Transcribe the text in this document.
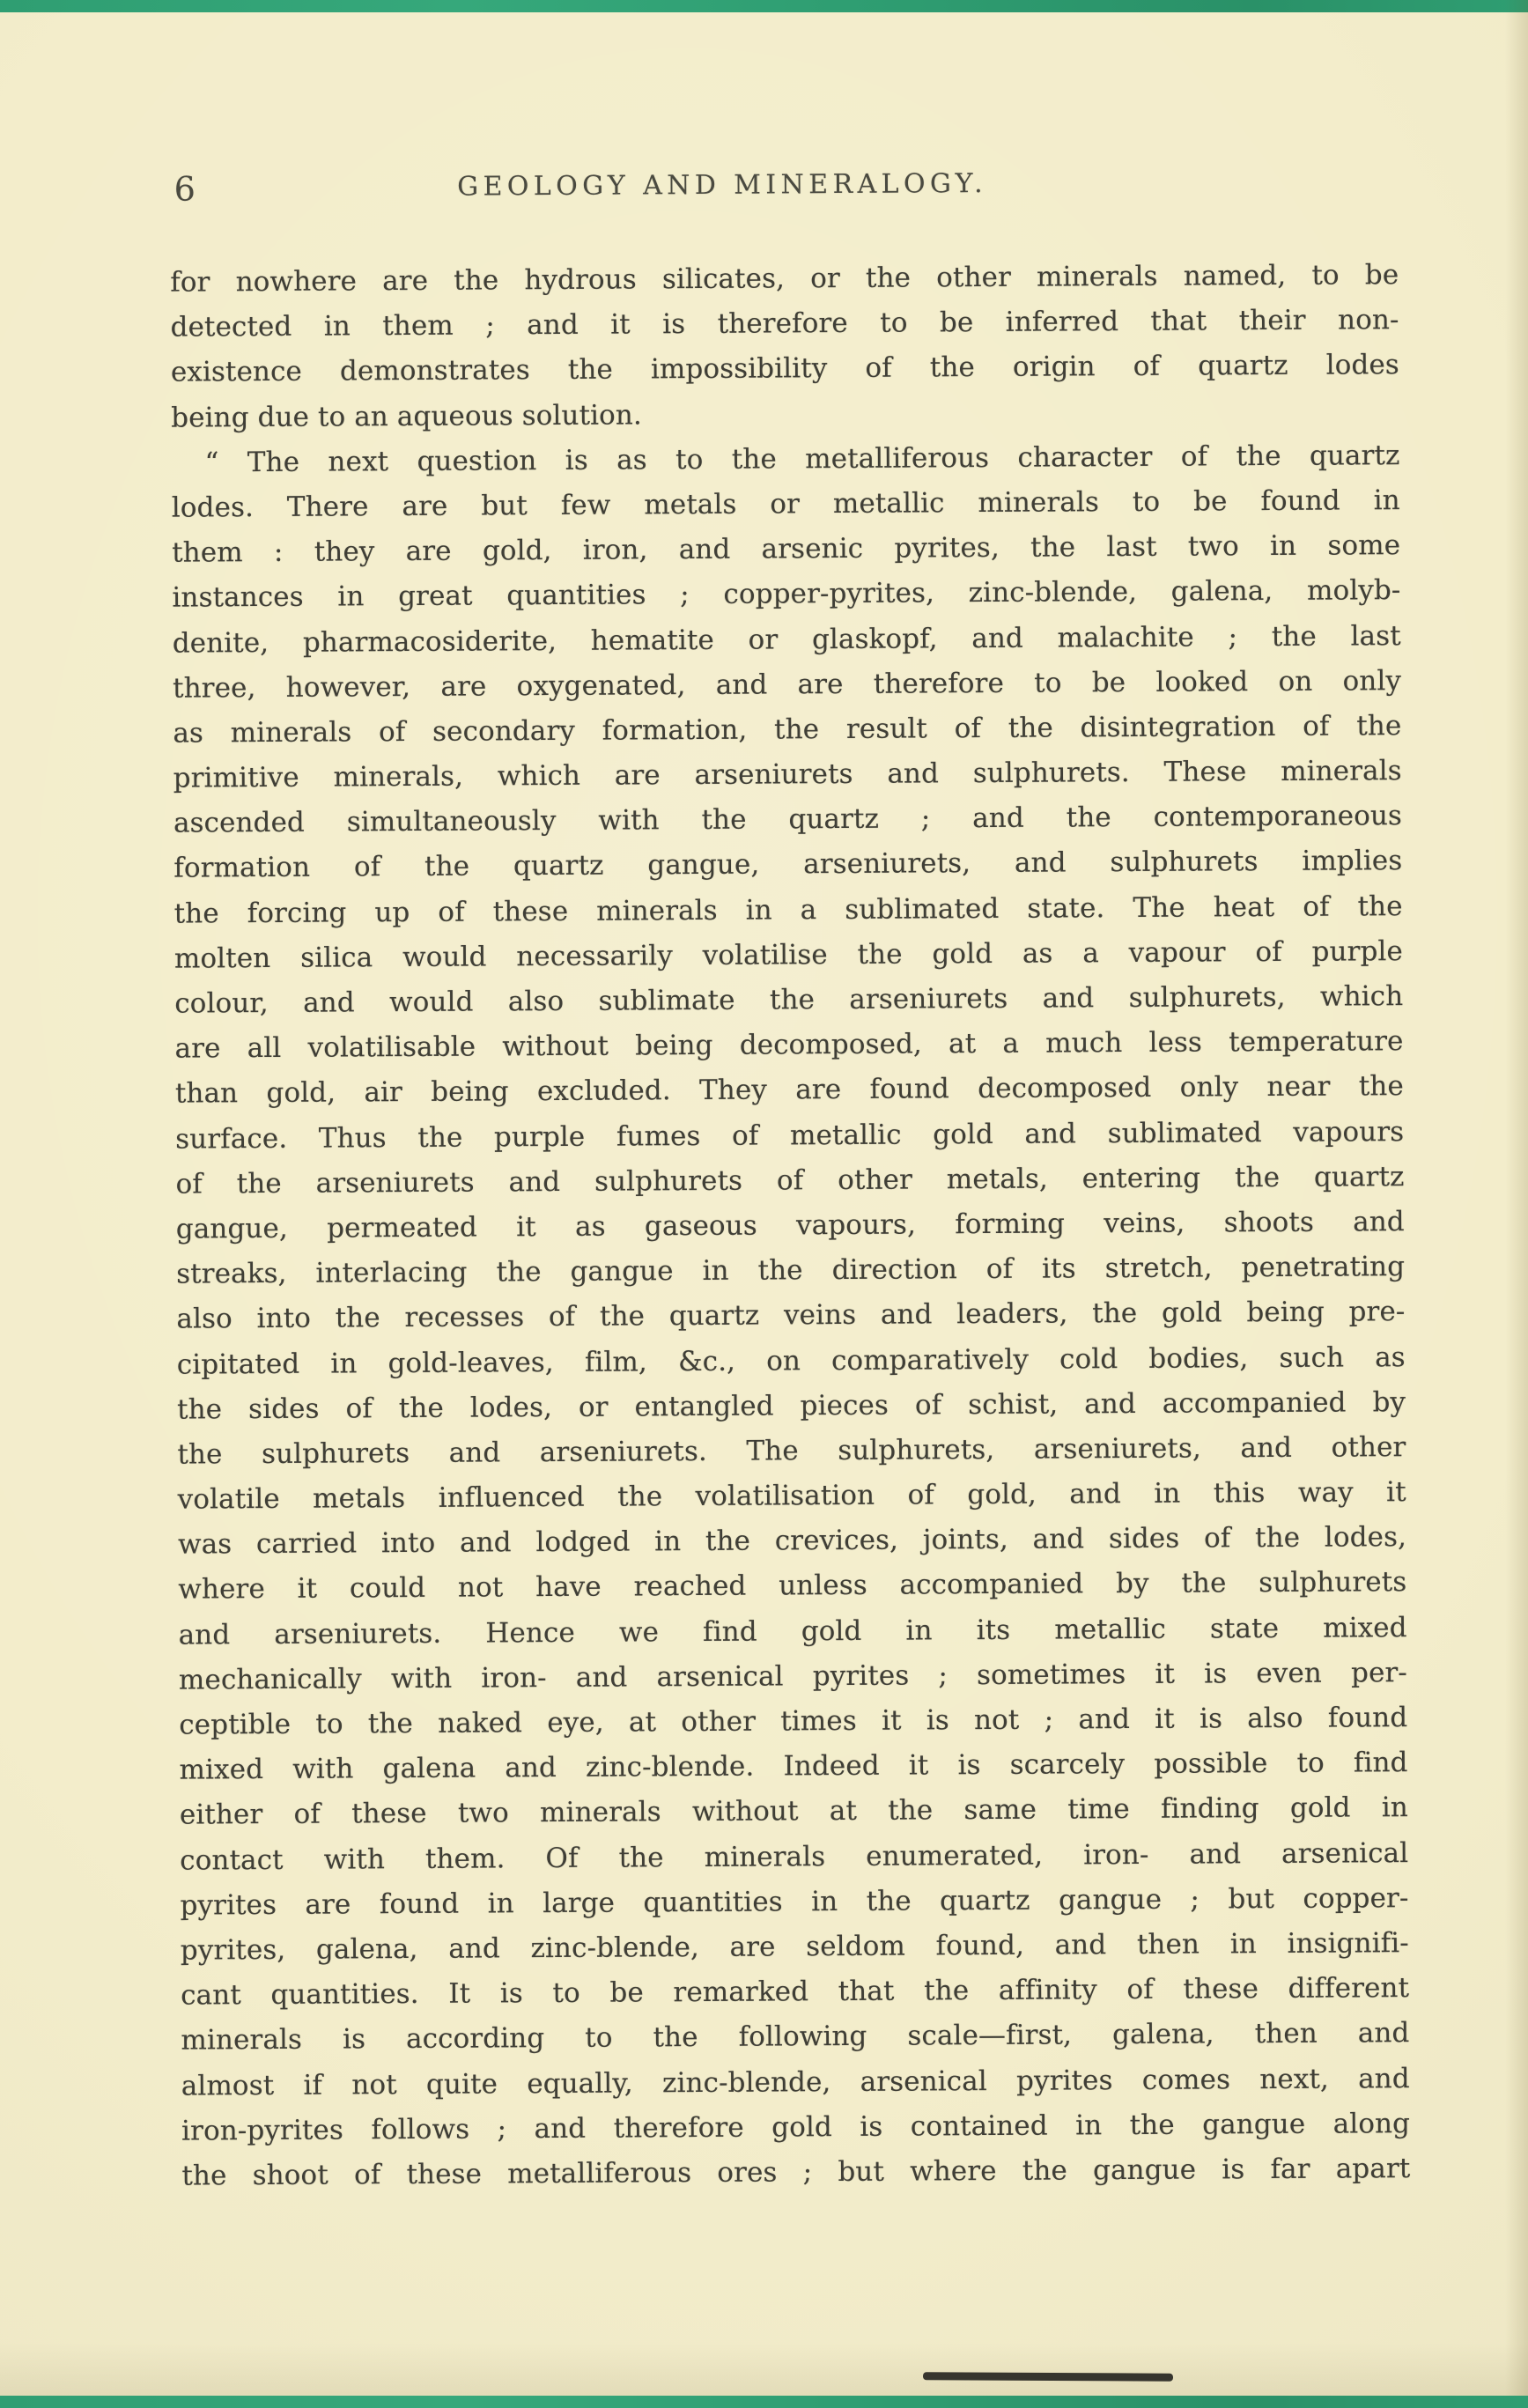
6	GEOLOGY AND MINERALOGY.
for nowhere are the hydrous silicates, or the other minerals named, to be
detected in them ; and it is therefore to be inferred that their non-
existence demonstrates the impossibility of the origin of quartz lodes
being due to an aqueous solution.
“ The next question is as to the metalliferous character of the quartz
lodes. There are but few metals or metallic minerals to be found in
them : they are gold, iron, and arsenic pyrites, the last two in some
instances in great quantities ; copper-pyrites, zinc-blende, galena, molyb-
denite, pharmacosiderite, hematite or glaskopf, and malachite ; the last
three, however, are oxygenated, and are therefore to be looked on only
as minerals of secondary formation, the result of the disintegration of the
primitive minerals, which are arseniurets and sulphurets. These minerals
ascended simultaneously with the quartz ; and the contemporaneous
formation of the quartz gangue, arseniurets, and sulphurets implies
the forcing up of these minerals in a sublimated state. The heat of the
molten silica would necessarily volatilise the gold as a vapour of purple
colour, and would also sublimate the arseniurets and sulphurets, which
are all volatilisable without being decomposed, at a much less temperature
than gold, air being excluded. They are found decomposed only near the
surface. Thus the purple fumes of metallic gold and sublimated vapours
of the arseniurets and sulphurets of other metals, entering the quartz
gangue, permeated it as gaseous vapours, forming veins, shoots and
streaks, interlacing the gangue in the direction of its stretch, penetrating
also into the recesses of the quartz veins and leaders, the gold being pre-
cipitated in gold-leaves, film, &c., on comparatively cold bodies, such as
the sides of the lodes, or entangled pieces of schist, and accompanied by
the sulphurets and arseniurets. The sulphurets, arseniurets, and other
volatile metals influenced the volatilisation of gold, and in this way it
was carried into and lodged in the crevices, joints, and sides of the lodes,
where it could not have reached unless accompanied by the sulphurets
and arseniurets. Hence we find gold in its metallic state mixed
mechanically with iron- and arsenical pyrites ; sometimes it is even per-
ceptible to the naked eye, at other times it is not ; and it is also found
mixed with galena and zinc-blende. Indeed it is scarcely possible to find
either of these two minerals without at the same time finding gold in
contact with them. Of the minerals enumerated, iron- and arsenical
pyrites are found in large quantities in the quartz gangue ; but copper-
pyrites, galena, and zinc-blende, are seldom found, and then in insignifi-
cant quantities. It is to be remarked that the affinity of these different
minerals is according to the following scale—first, galena, then and
almost if not quite equally, zinc-blende, arsenical pyrites comes next, and
iron-pyrites follows ; and therefore gold is contained in the gangue along
the shoot of these metalliferous ores ; but where the gangue is far apart
